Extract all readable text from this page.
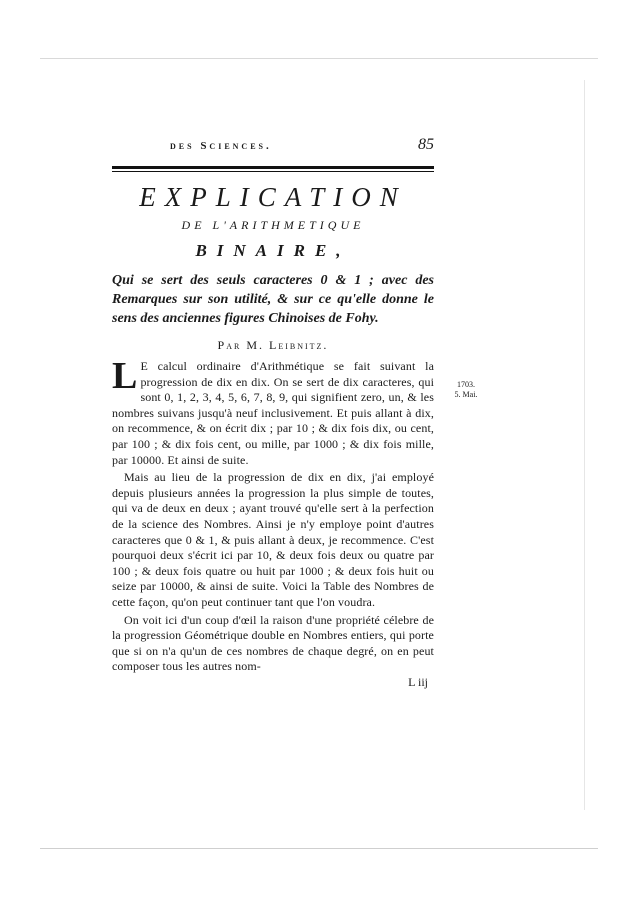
des Sciences.	85
EXPLICATION
DE L'ARITHMETIQUE
BINAIRE,
Qui se sert des seuls caracteres 0 & 1 ; avec des Remarques sur son utilité, & sur ce qu'elle donne le sens des anciennes figures Chinoises de Fohy.
Par M. Leibnitz.

L E calcul ordinaire d'Arithmétique se fait suivant la progression de dix en dix. On se sert de dix caracteres, qui sont 0, 1, 2, 3, 4, 5, 6, 7, 8, 9, qui signifient zero, un, & les nombres suivans jusqu'à neuf inclusivement. Et puis allant à dix, on recommence, & on écrit dix ; par 10 ; & dix fois dix, ou cent, par 100 ; & dix fois cent, ou mille, par 1000 ; & dix fois mille, par 10000. Et ainsi de suite.

Mais au lieu de la progression de dix en dix, j'ai employé depuis plusieurs années la progression la plus simple de toutes, qui va de deux en deux ; ayant trouvé qu'elle sert à la perfection de la science des Nombres. Ainsi je n'y employe point d'autres caracteres que 0 & 1, & puis allant à deux, je recommence. C'est pourquoi deux s'écrit ici par 10, & deux fois deux ou quatre par 100 ; & deux fois quatre ou huit par 1000 ; & deux fois huit ou seize par 10000, & ainsi de suite. Voici la Table des Nombres de cette façon, qu'on peut continuer tant que l'on voudra.

On voit ici d'un coup d'œil la raison d'une propriété célebre de la progression Géométrique double en Nombres entiers, qui porte que si on n'a qu'un de ces nombres de chaque degré, on en peut composer tous les autres nom-

L iij
1703.
5. Mai.
